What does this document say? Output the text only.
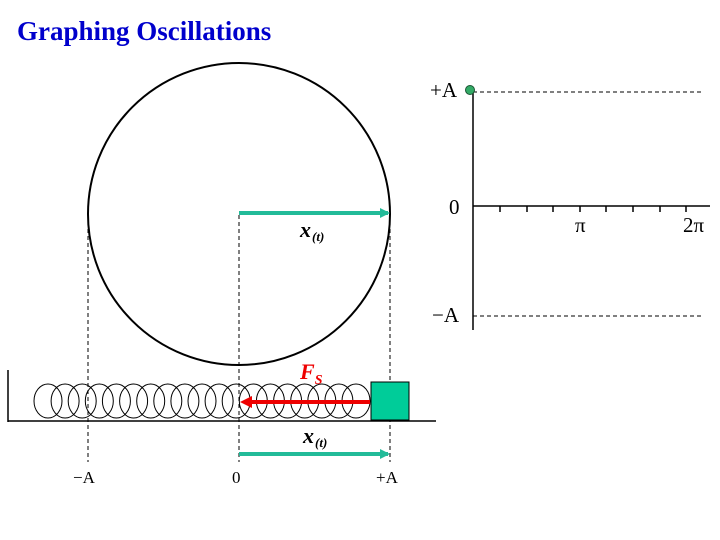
Graphing Oscillations
x(t)
+A
0
−A
π	2π
$F_S$
x(t)
−A	0	+A
